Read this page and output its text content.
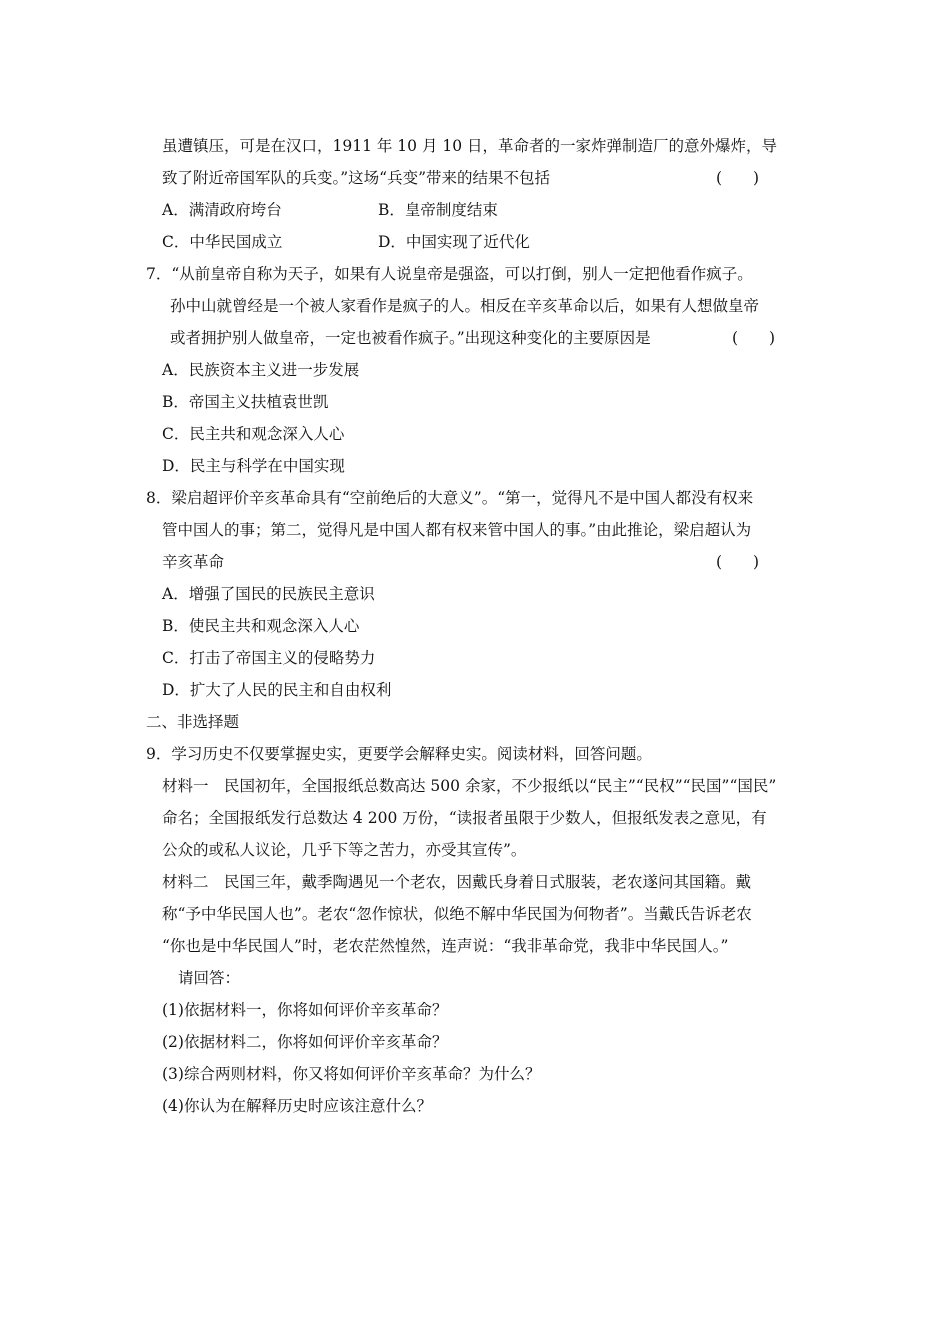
虽遭镇压，可是在汉口，1911 年 10 月 10 日，革命者的一家炸弹制造厂的意外爆炸，导
致了附近帝国军队的兵变。”这场“兵变”带来的结果不包括	(　　)
A．满清政府垮台	B．皇帝制度结束
C．中华民国成立	D．中国实现了近代化
7．“从前皇帝自称为天子，如果有人说皇帝是强盗，可以打倒，别人一定把他看作疯子。
孙中山就曾经是一个被人家看作是疯子的人。相反在辛亥革命以后，如果有人想做皇帝
或者拥护别人做皇帝，一定也被看作疯子。”出现这种变化的主要原因是	(　　)
A．民族资本主义进一步发展
B．帝国主义扶植袁世凯
C．民主共和观念深入人心
D．民主与科学在中国实现
8．梁启超评价辛亥革命具有“空前绝后的大意义”。“第一，觉得凡不是中国人都没有权来
管中国人的事；第二，觉得凡是中国人都有权来管中国人的事。”由此推论，梁启超认为
辛亥革命	(　　)
A．增强了国民的民族民主意识
B．使民主共和观念深入人心
C．打击了帝国主义的侵略势力
D．扩大了人民的民主和自由权利
二、非选择题
9．学习历史不仅要掌握史实，更要学会解释史实。阅读材料，回答问题。
材料一　民国初年，全国报纸总数高达 500 余家，不少报纸以“民主”“民权”“民国”“国民”
命名；全国报纸发行总数达 4 200 万份，“读报者虽限于少数人，但报纸发表之意见，有
公众的或私人议论，几乎下等之苦力，亦受其宣传”。
材料二　民国三年，戴季陶遇见一个老农，因戴氏身着日式服装，老农遂问其国籍。戴
称“予中华民国人也”。老农“忽作惊状，似绝不解中华民国为何物者”。当戴氏告诉老农
“你也是中华民国人”时，老农茫然惶然，连声说：“我非革命党，我非中华民国人。”
请回答：
(1)依据材料一，你将如何评价辛亥革命？
(2)依据材料二，你将如何评价辛亥革命？
(3)综合两则材料，你又将如何评价辛亥革命？为什么？
(4)你认为在解释历史时应该注意什么？
